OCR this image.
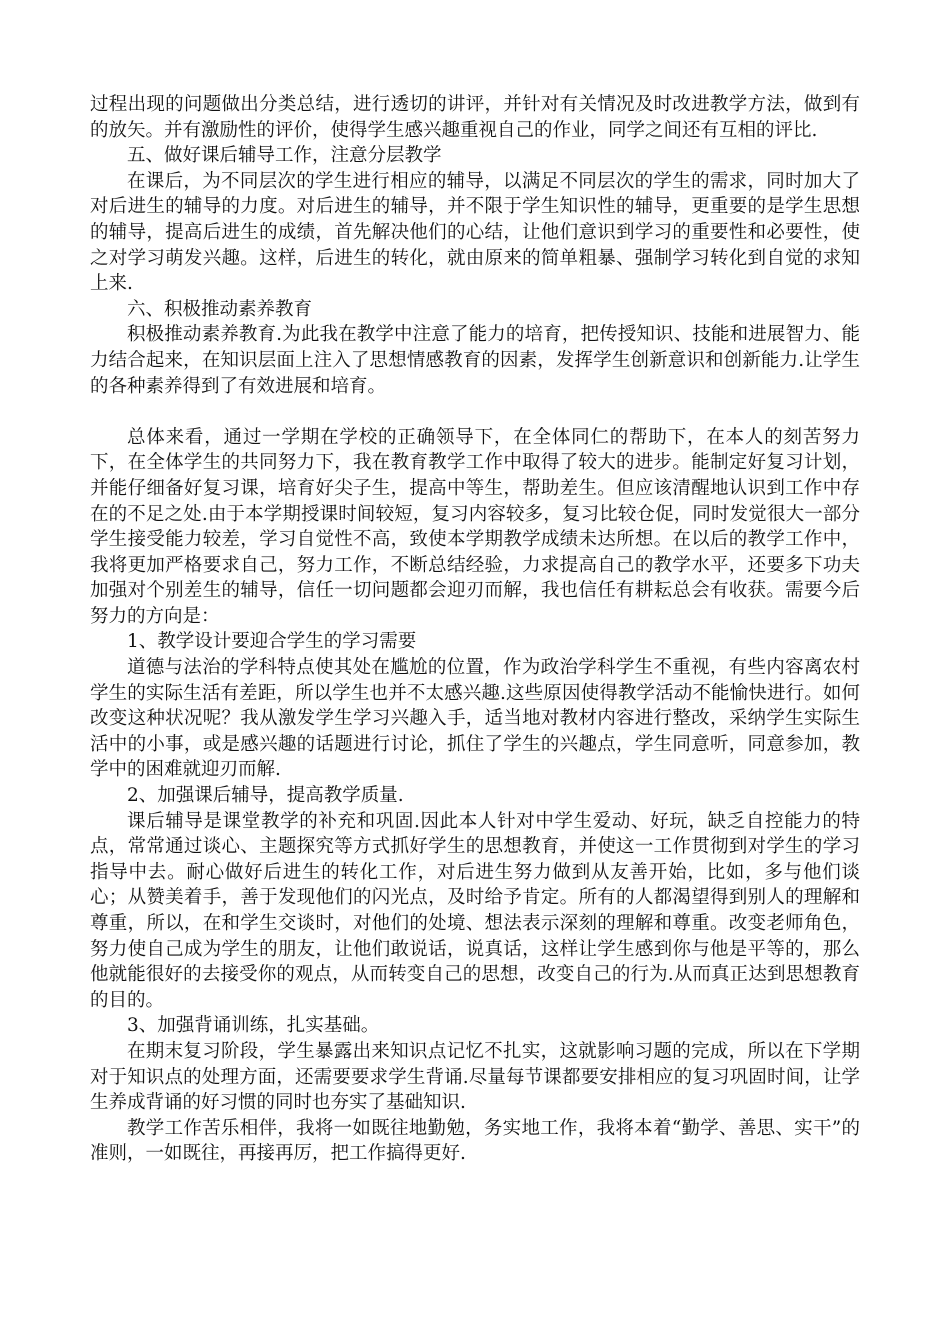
过程出现的问题做出分类总结，进行透切的讲评，并针对有关情况及时改进教学方法，做到有的放矢。并有激励性的评价，使得学生感兴趣重视自己的作业，同学之间还有互相的评比.

五、做好课后辅导工作，注意分层教学

在课后，为不同层次的学生进行相应的辅导，以满足不同层次的学生的需求，同时加大了对后进生的辅导的力度。对后进生的辅导，并不限于学生知识性的辅导，更重要的是学生思想的辅导，提高后进生的成绩，首先解决他们的心结，让他们意识到学习的重要性和必要性，使之对学习萌发兴趣。这样，后进生的转化，就由原来的简单粗暴、强制学习转化到自觉的求知上来.

六、积极推动素养教育

积极推动素养教育.为此我在教学中注意了能力的培育，把传授知识、技能和进展智力、能力结合起来，在知识层面上注入了思想情感教育的因素，发挥学生创新意识和创新能力.让学生的各种素养得到了有效进展和培育。

总体来看，通过一学期在学校的正确领导下，在全体同仁的帮助下，在本人的刻苦努力下，在全体学生的共同努力下，我在教育教学工作中取得了较大的进步。能制定好复习计划，并能仔细备好复习课，培育好尖子生，提高中等生，帮助差生。但应该清醒地认识到工作中存在的不足之处.由于本学期授课时间较短，复习内容较多，复习比较仓促，同时发觉很大一部分学生接受能力较差，学习自觉性不高，致使本学期教学成绩未达所想。在以后的教学工作中，我将更加严格要求自己，努力工作，不断总结经验，力求提高自己的教学水平，还要多下功夫加强对个别差生的辅导，信任一切问题都会迎刃而解，我也信任有耕耘总会有收获。需要今后努力的方向是：

1、教学设计要迎合学生的学习需要

道德与法治的学科特点使其处在尴尬的位置，作为政治学科学生不重视，有些内容离农村学生的实际生活有差距，所以学生也并不太感兴趣.这些原因使得教学活动不能愉快进行。如何改变这种状况呢？我从激发学生学习兴趣入手，适当地对教材内容进行整改，采纳学生实际生活中的小事，或是感兴趣的话题进行讨论，抓住了学生的兴趣点，学生同意听，同意参加，教学中的困难就迎刃而解.

2、加强课后辅导，提高教学质量.

课后辅导是课堂教学的补充和巩固.因此本人针对中学生爱动、好玩，缺乏自控能力的特点，常常通过谈心、主题探究等方式抓好学生的思想教育，并使这一工作贯彻到对学生的学习指导中去。耐心做好后进生的转化工作，对后进生努力做到从友善开始，比如，多与他们谈心；从赞美着手，善于发现他们的闪光点，及时给予肯定。所有的人都渴望得到别人的理解和尊重，所以，在和学生交谈时，对他们的处境、想法表示深刻的理解和尊重。改变老师角色，努力使自己成为学生的朋友，让他们敢说话，说真话，这样让学生感到你与他是平等的，那么他就能很好的去接受你的观点，从而转变自己的思想，改变自己的行为.从而真正达到思想教育的目的。

3、加强背诵训练，扎实基础。

在期末复习阶段，学生暴露出来知识点记忆不扎实，这就影响习题的完成，所以在下学期对于知识点的处理方面，还需要要求学生背诵.尽量每节课都要安排相应的复习巩固时间，让学生养成背诵的好习惯的同时也夯实了基础知识.

教学工作苦乐相伴，我将一如既往地勤勉，务实地工作，我将本着“勤学、善思、实干”的准则，一如既往，再接再厉，把工作搞得更好.
